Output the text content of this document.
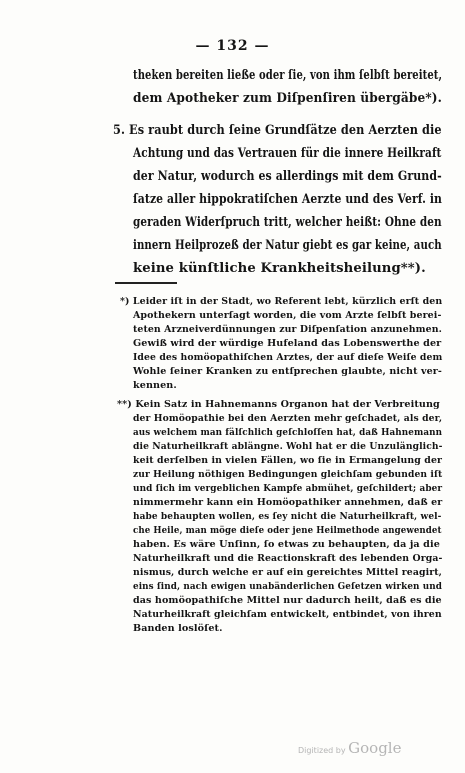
— 132 —
theken bereiten ließe oder ſie, von ihm ſelbſt bereitet,
dem Apotheker zum Diſpenſiren übergäbe*).
5. Es raubt durch ſeine Grundſätze den Aerzten die
Achtung und das Vertrauen für die innere Heilkraft
der Natur, wodurch es allerdings mit dem Grund-
ſatze aller hippokratiſchen Aerzte und des Verf. in
geraden Widerſpruch tritt, welcher heißt: Ohne den
innern Heilprozeß der Natur giebt es gar keine, auch
keine künſtliche Krankheitsheilung**).
*) Leider iſt in der Stadt, wo Referent lebt, kürzlich erſt den
Apothekern unterſagt worden, die vom Arzte ſelbſt berei-
teten Arzneiverdünnungen zur Diſpenſation anzunehmen.
Gewiß wird der würdige Hufeland das Lobenswerthe der
Idee des homöopathiſchen Arztes, der auf dieſe Weiſe dem
Wohle ſeiner Kranken zu entſprechen glaubte, nicht ver-
kennen.
**) Kein Satz in Hahnemanns Organon hat der Verbreitung
der Homöopathie bei den Aerzten mehr geſchadet, als der,
aus welchem man fälſchlich geſchloſſen hat, daß Hahnemann
die Naturheilkraft ablängne. Wohl hat er die Unzulänglich-
keit derſelben in vielen Fällen, wo ſie in Ermangelung der
zur Heilung nöthigen Bedingungen gleichſam gebunden iſt
und ſich im vergeblichen Kampfe abmühet, geſchildert; aber
nimmermehr kann ein Homöopathiker annehmen, daß er
habe behaupten wollen, es ſey nicht die Naturheilkraft, wel-
che Heile, man möge dieſe oder jene Heilmethode angewendet
haben. Es wäre Unſinn, ſo etwas zu behaupten, da ja die
Naturheilkraft und die Reactionskraft des lebenden Orga-
nismus, durch welche er auf ein gereichtes Mittel reagirt,
eins ſind, nach ewigen unabänderlichen Geſetzen wirken und
das homöopathiſche Mittel nur dadurch heilt, daß es die
Naturheilkraft gleichſam entwickelt, entbindet, von ihren
Banden loslöſet.
Digitized by Google
